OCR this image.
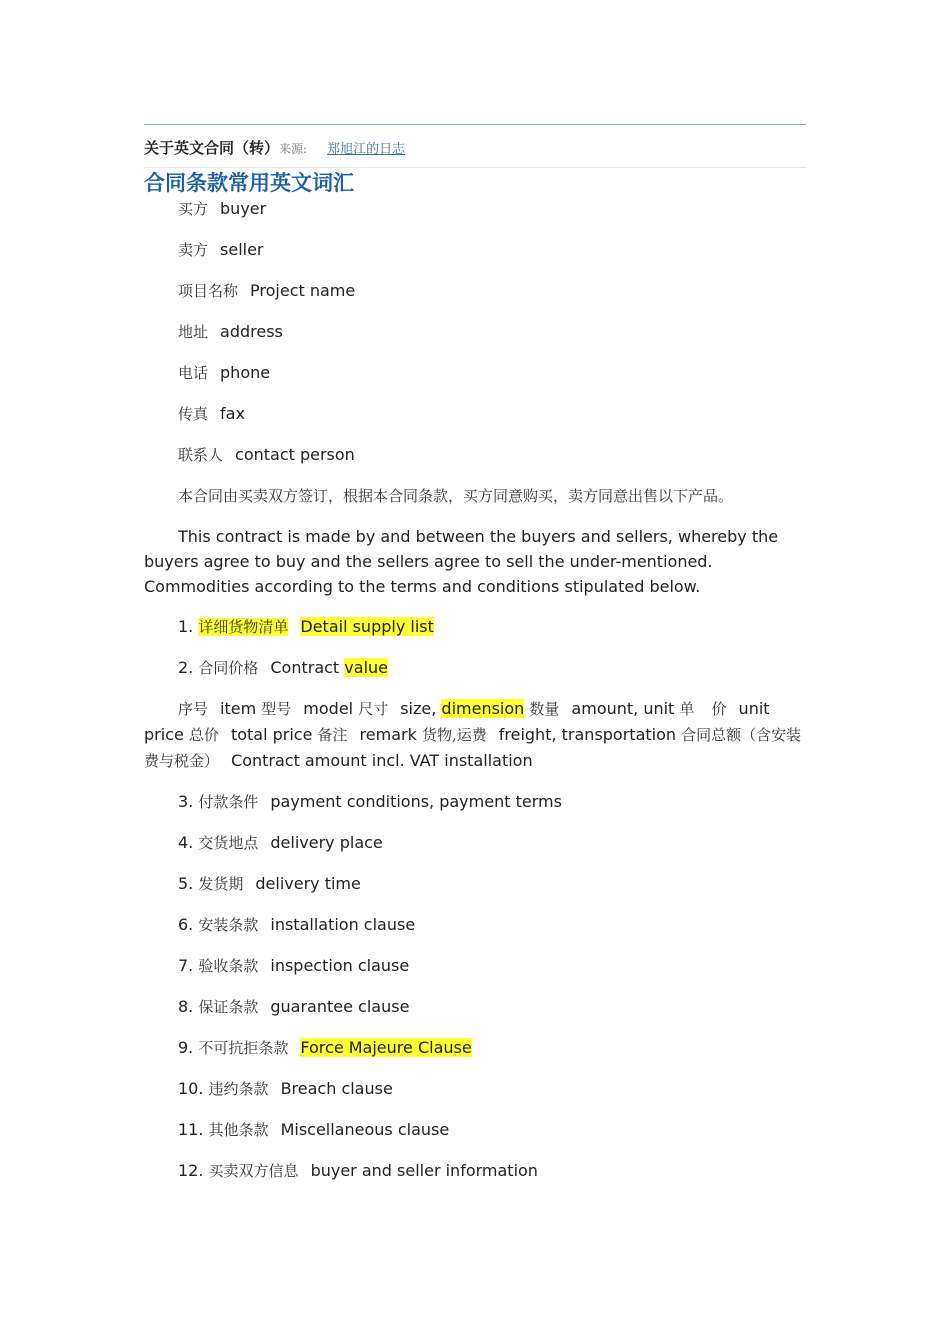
关于英文合同（转）来源: 郑旭江的日志
合同条款常用英文词汇

买方 buyer

卖方 seller

项目名称 Project name

地址 address

电话 phone

传真 fax

联系人 contact person

本合同由买卖双方签订，根据本合同条款，买方同意购买，卖方同意出售以下产品。

This contract is made by and between the buyers and sellers, whereby the buyers agree to buy and the sellers agree to sell the under-mentioned. Commodities according to the terms and conditions stipulated below.

1. 详细货物清单 Detail supply list

2. 合同价格 Contract value

序号 item 型号 model 尺寸 size, dimension 数量 amount, unit 单 价 unit price 总价 total price 备注 remark 货物,运费 freight, transportation 合同总额（含安装费与税金） Contract amount incl. VAT installation

3. 付款条件 payment conditions, payment terms

4. 交货地点 delivery place

5. 发货期 delivery time

6. 安装条款 installation clause

7. 验收条款 inspection clause

8. 保证条款 guarantee clause

9. 不可抗拒条款 Force Majeure Clause

10. 违约条款 Breach clause

11. 其他条款 Miscellaneous clause

12. 买卖双方信息 buyer and seller information
